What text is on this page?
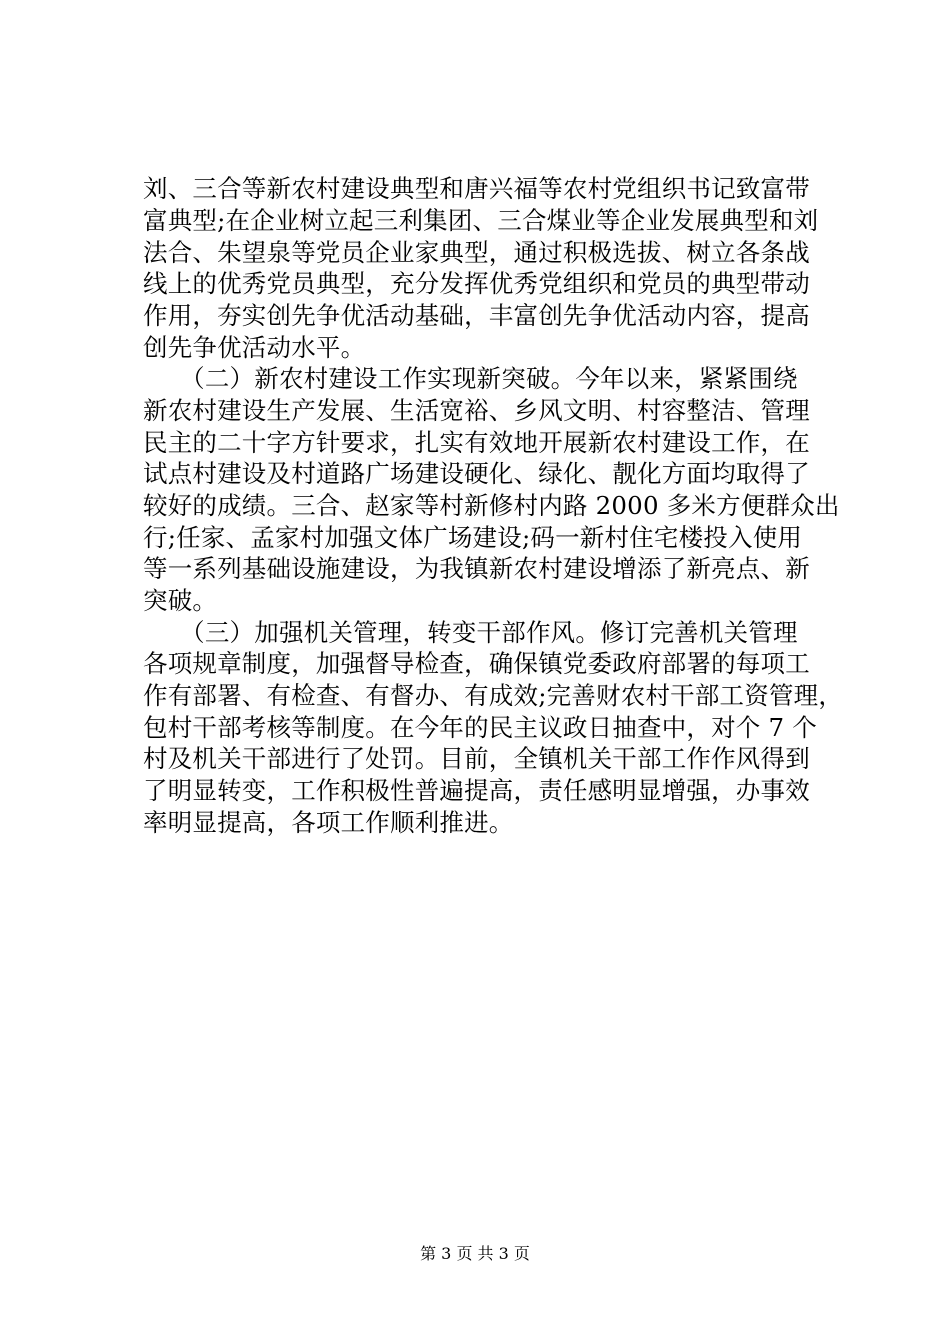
刘、三合等新农村建设典型和唐兴福等农村党组织书记致富带
富典型;在企业树立起三利集团、三合煤业等企业发展典型和刘
法合、朱望泉等党员企业家典型，通过积极选拔、树立各条战
线上的优秀党员典型，充分发挥优秀党组织和党员的典型带动
作用，夯实创先争优活动基础，丰富创先争优活动内容，提高
创先争优活动水平。
　　（二）新农村建设工作实现新突破。今年以来，紧紧围绕
新农村建设生产发展、生活宽裕、乡风文明、村容整洁、管理
民主的二十字方针要求，扎实有效地开展新农村建设工作，在
试点村建设及村道路广场建设硬化、绿化、靓化方面均取得了
较好的成绩。三合、赵家等村新修村内路 2000 多米方便群众出
行;任家、孟家村加强文体广场建设;码一新村住宅楼投入使用
等一系列基础设施建设，为我镇新农村建设增添了新亮点、新
突破。
　　（三）加强机关管理，转变干部作风。修订完善机关管理
各项规章制度，加强督导检查，确保镇党委政府部署的每项工
作有部署、有检查、有督办、有成效;完善财农村干部工资管理，
包村干部考核等制度。在今年的民主议政日抽查中，对个 7 个
村及机关干部进行了处罚。目前，全镇机关干部工作作风得到
了明显转变，工作积极性普遍提高，责任感明显增强，办事效
率明显提高，各项工作顺利推进。
第 3 页 共 3 页
